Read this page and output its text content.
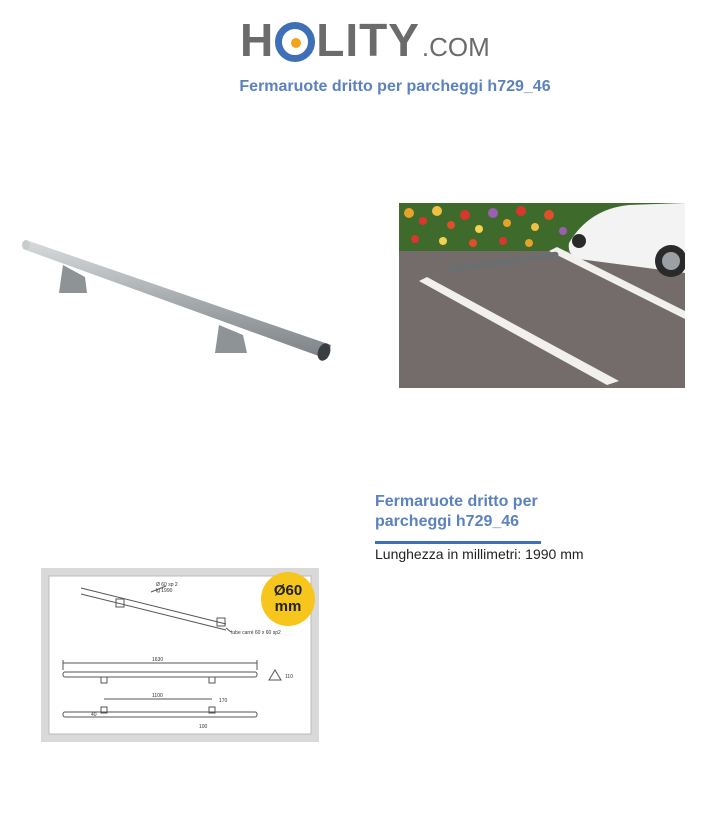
H LITY .COM
Fermaruote dritto per parcheggi h729_46
Ø 60 sp 2
lg 1990
tube carré 60 x 60 sp2
1630
1100
110
40
170
100
Ø60
mm
Fermaruote dritto per parcheggi h729_46
Lunghezza in millimetri: 1990 mm
